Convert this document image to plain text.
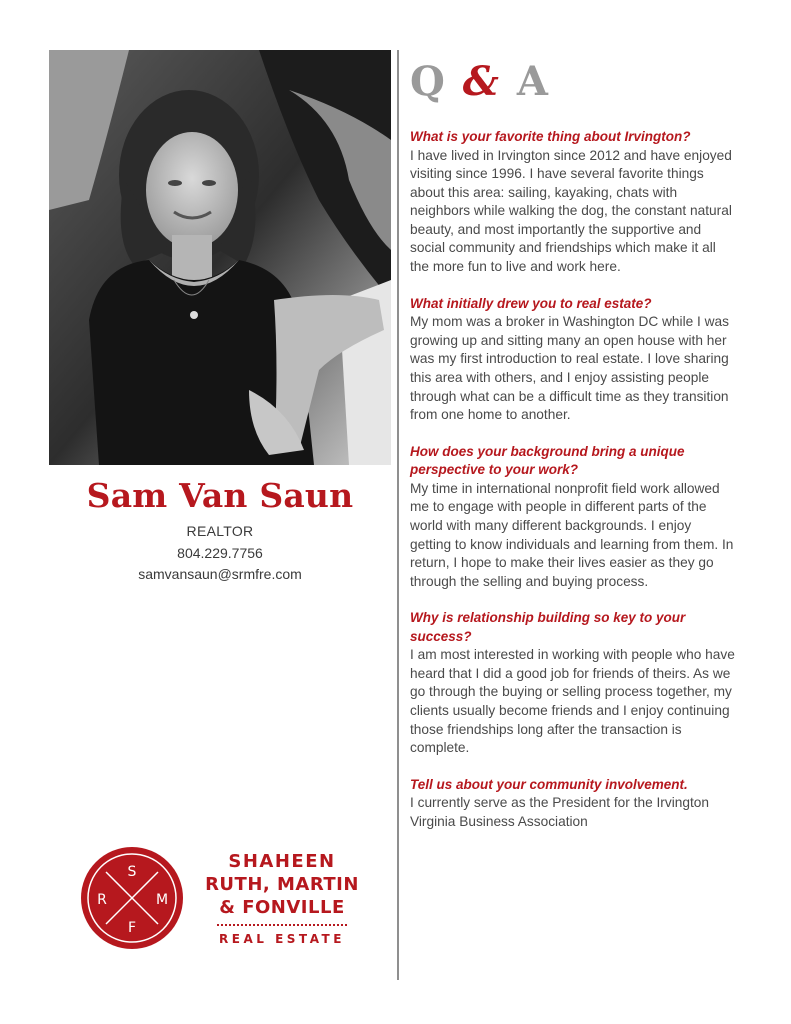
Sam Van Saun
REALTOR
804.229.7756
samvansaun@srmfre.com
S
M
F
R
SHAHEEN
RUTH, MARTIN
& FONVILLE
REAL ESTATE
Q & A
What is your favorite thing about Irvington?
I have lived in Irvington since 2012 and have enjoyed visiting since 1996. I have several favorite things about this area: sailing, kayaking, chats with neighbors while walking the dog, the constant natural beauty, and most importantly the supportive and social community and friendships which make it all the more fun to live and work here.
What initially drew you to real estate?
My mom was a broker in Washington DC while I was growing up and sitting many an open house with her was my first introduction to real estate. I love sharing this area with others, and I enjoy assisting people through what can be a difficult time as they transition from one home to another.
How does your background bring a unique perspective to your work?
My time in international nonprofit field work allowed me to engage with people in different parts of the world with many different backgrounds. I enjoy getting to know individuals and learning from them. In return, I hope to make their lives easier as they go through the selling and buying process.
Why is relationship building so key to your success?
I am most interested in working with people who have heard that I did a good job for friends of theirs. As we go through the buying or selling process together, my clients usually become friends and I enjoy continuing those friendships long after the transaction is complete.
Tell us about your community involvement.
I currently serve as the President for the Irvington Virginia Business Association
